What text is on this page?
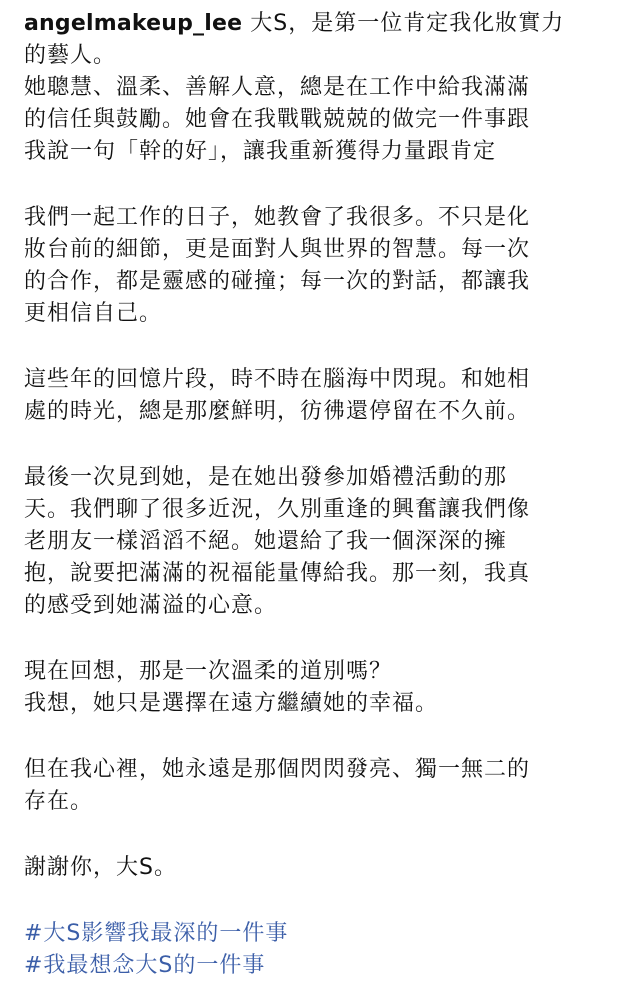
angelmakeup_lee 大S，是第一位肯定我化妝實力
的藝人。
她聰慧、溫柔、善解人意，總是在工作中給我滿滿
的信任與鼓勵。她會在我戰戰兢兢的做完一件事跟
我說一句「幹的好」，讓我重新獲得力量跟肯定
我們一起工作的日子，她教會了我很多。不只是化
妝台前的細節，更是面對人與世界的智慧。每一次
的合作，都是靈感的碰撞；每一次的對話，都讓我
更相信自己。
這些年的回憶片段，時不時在腦海中閃現。和她相
處的時光，總是那麼鮮明，彷彿還停留在不久前。
最後一次見到她，是在她出發參加婚禮活動的那
天。我們聊了很多近況，久別重逢的興奮讓我們像
老朋友一樣滔滔不絕。她還給了我一個深深的擁
抱，說要把滿滿的祝福能量傳給我。那一刻，我真
的感受到她滿溢的心意。
現在回想，那是一次溫柔的道別嗎？
我想，她只是選擇在遠方繼續她的幸福。
但在我心裡，她永遠是那個閃閃發亮、獨一無二的
存在。
謝謝你，大S。
#大S影響我最深的一件事
#我最想念大S的一件事
